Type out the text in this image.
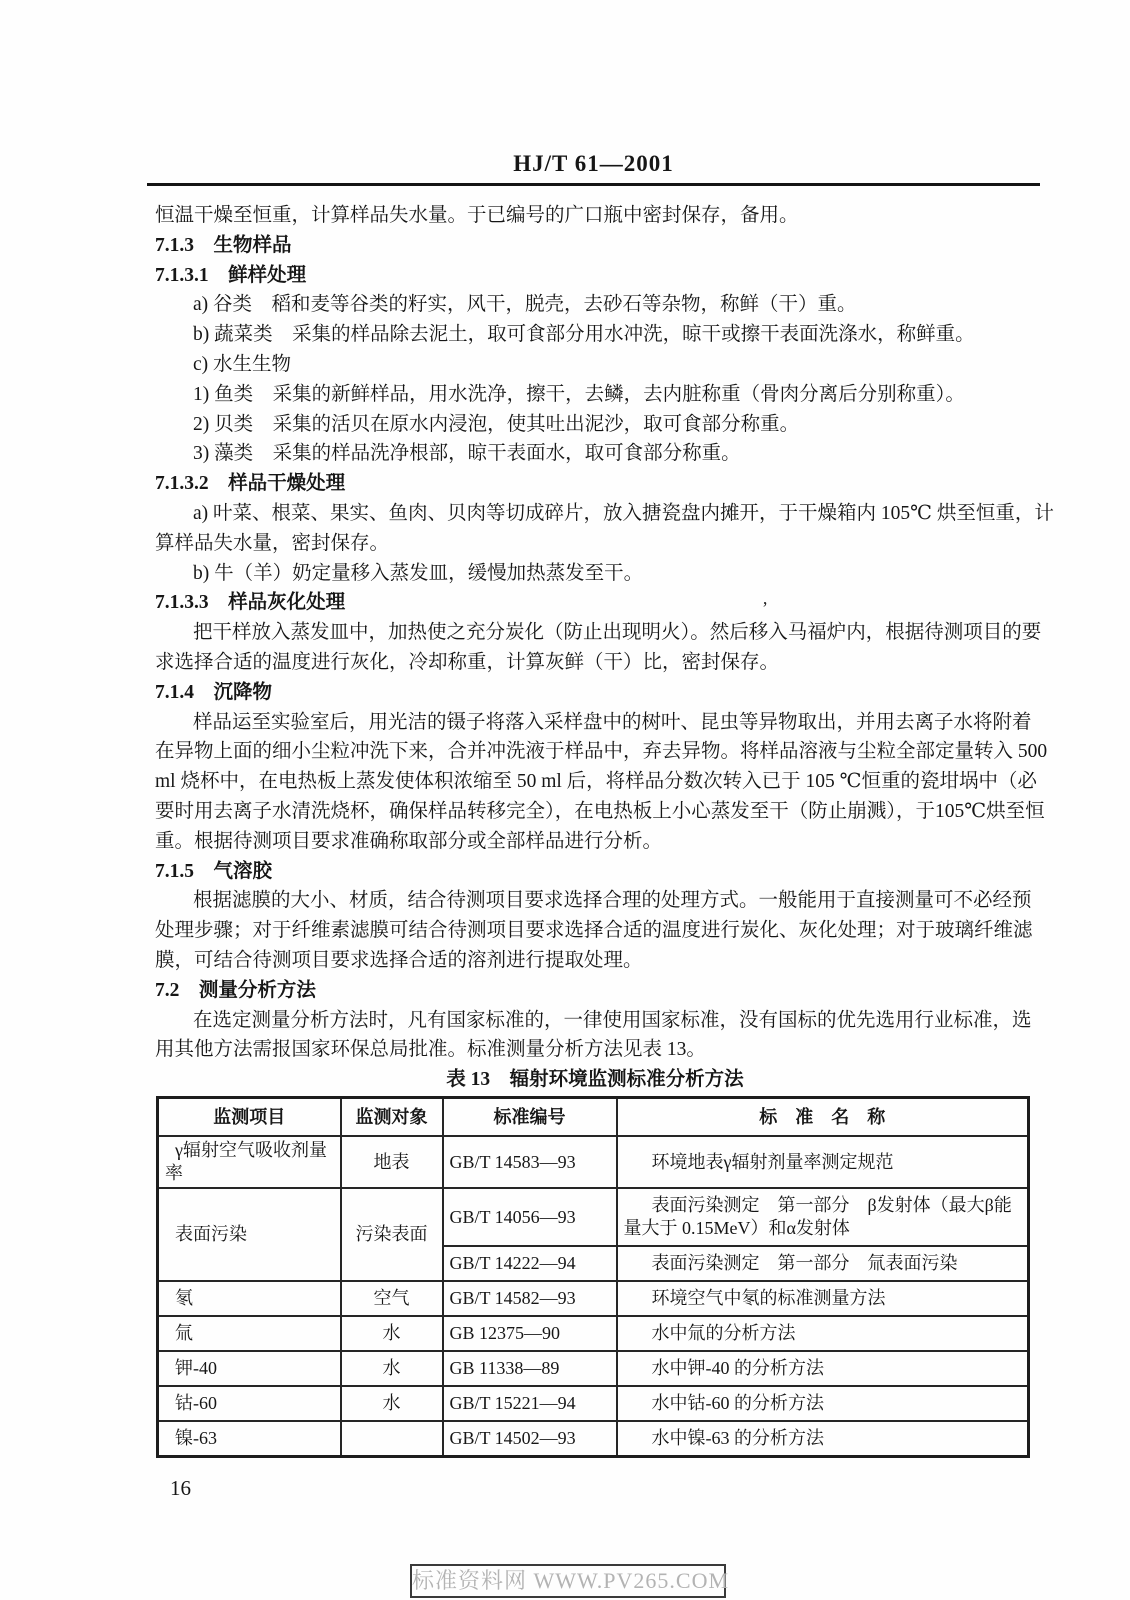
HJ/T 61—2001
恒温干燥至恒重，计算样品失水量。于已编号的广口瓶中密封保存，备用。
7.1.3　生物样品
7.1.3.1　鲜样处理
a) 谷类　稻和麦等谷类的籽实，风干，脱壳，去砂石等杂物，称鲜（干）重。
b) 蔬菜类　采集的样品除去泥土，取可食部分用水冲洗，晾干或擦干表面洗涤水，称鲜重。
c) 水生生物
1) 鱼类　采集的新鲜样品，用水洗净，擦干，去鳞，去内脏称重（骨肉分离后分别称重）。
2) 贝类　采集的活贝在原水内浸泡，使其吐出泥沙，取可食部分称重。
3) 藻类　采集的样品洗净根部，晾干表面水，取可食部分称重。
7.1.3.2　样品干燥处理
a) 叶菜、根菜、果实、鱼肉、贝肉等切成碎片，放入搪瓷盘内摊开，于干燥箱内 105℃ 烘至恒重，计
算样品失水量，密封保存。
b) 牛（羊）奶定量移入蒸发皿，缓慢加热蒸发至干。
7.1.3.3　样品灰化处理
把干样放入蒸发皿中，加热使之充分炭化（防止出现明火）。然后移入马福炉内，根据待测项目的要
求选择合适的温度进行灰化，冷却称重，计算灰鲜（干）比，密封保存。
7.1.4　沉降物
样品运至实验室后，用光洁的镊子将落入采样盘中的树叶、昆虫等异物取出，并用去离子水将附着
在异物上面的细小尘粒冲洗下来，合并冲洗液于样品中，弃去异物。将样品溶液与尘粒全部定量转入 500
ml 烧杯中，在电热板上蒸发使体积浓缩至 50 ml 后，将样品分数次转入已于 105 ℃恒重的瓷坩埚中（必
要时用去离子水清洗烧杯，确保样品转移完全），在电热板上小心蒸发至干（防止崩溅），于105℃烘至恒
重。根据待测项目要求准确称取部分或全部样品进行分析。
7.1.5　气溶胶
根据滤膜的大小、材质，结合待测项目要求选择合理的处理方式。一般能用于直接测量可不必经预
处理步骤；对于纤维素滤膜可结合待测项目要求选择合适的温度进行炭化、灰化处理；对于玻璃纤维滤
膜，可结合待测项目要求选择合适的溶剂进行提取处理。
7.2　测量分析方法
在选定测量分析方法时，凡有国家标准的，一律使用国家标准，没有国标的优先选用行业标准，选
用其他方法需报国家环保总局批准。标准测量分析方法见表 13。
’
表 13　辐射环境监测标准分析方法
监测项目	监测对象	标准编号	标　准　名　称
γ辐射空气吸收剂量率	地表	GB/T 14583—93	环境地表γ辐射剂量率测定规范
表面污染	污染表面	GB/T 14056—93	表面污染测定　第一部分　β发射体（最大β能量大于 0.15MeV）和α发射体
		GB/T 14222—94	表面污染测定　第一部分　氚表面污染
氡	空气	GB/T 14582—93	环境空气中氡的标准测量方法
氚	水	GB 12375—90	水中氚的分析方法
钾-40	水	GB 11338—89	水中钾-40 的分析方法
钴-60	水	GB/T 15221—94	水中钴-60 的分析方法
镍-63		GB/T 14502—93	水中镍-63 的分析方法
16
标准资料网 WWW.PV265.COM
